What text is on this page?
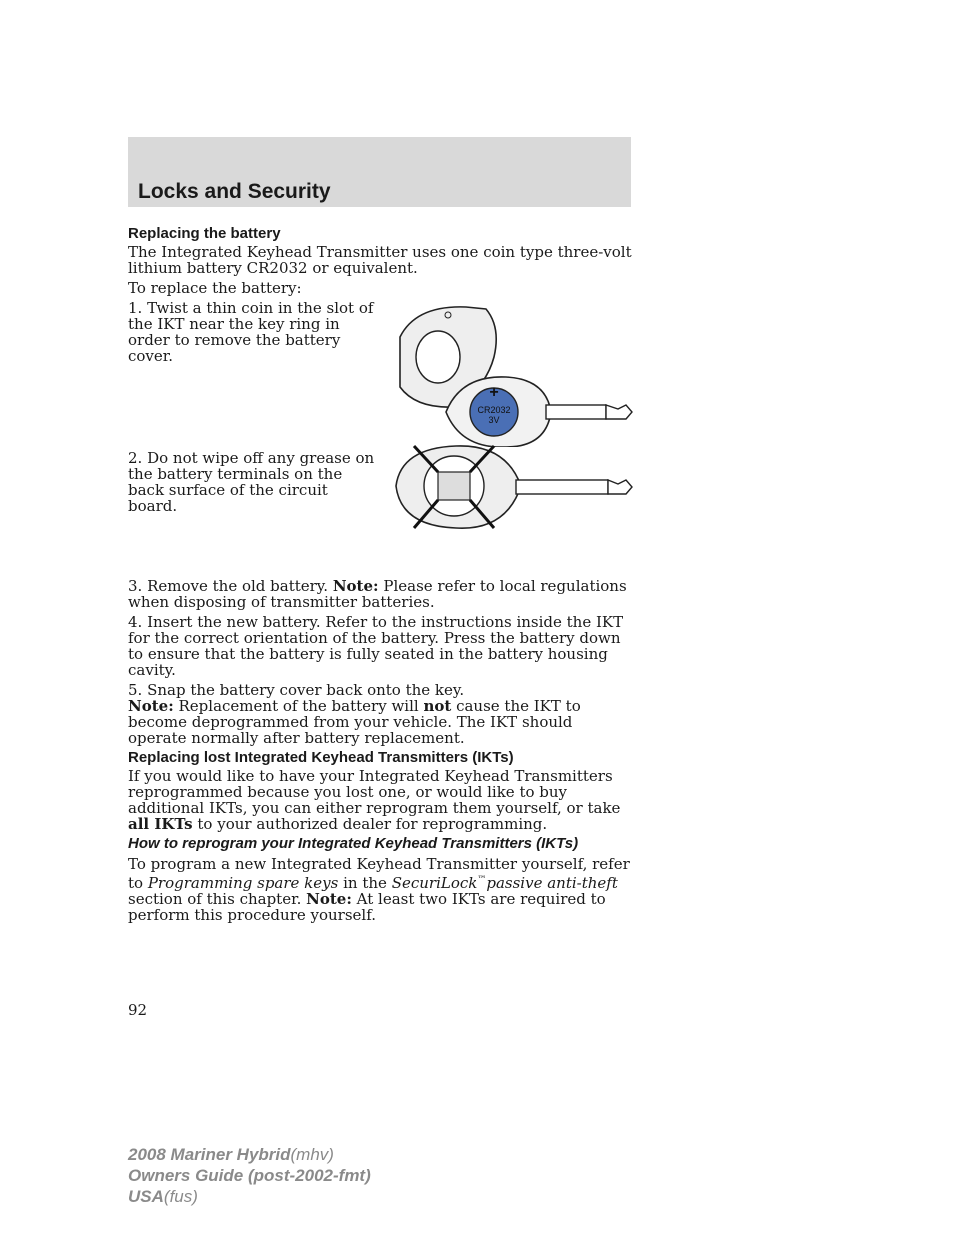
Locks and Security
Replacing the battery

The Integrated Keyhead Transmitter uses one coin type three-volt lithium battery CR2032 or equivalent.

To replace the battery:

1. Twist a thin coin in the slot of the IKT near the key ring in order to remove the battery cover.

+
CR2032
3V

2. Do not wipe off any grease on the battery terminals on the back surface of the circuit board.

3. Remove the old battery. Note: Please refer to local regulations when disposing of transmitter batteries.

4. Insert the new battery. Refer to the instructions inside the IKT for the correct orientation of the battery. Press the battery down to ensure that the battery is fully seated in the battery housing cavity.

5. Snap the battery cover back onto the key.

Note: Replacement of the battery will not cause the IKT to become deprogrammed from your vehicle. The IKT should operate normally after battery replacement.

Replacing lost Integrated Keyhead Transmitters (IKTs)

If you would like to have your Integrated Keyhead Transmitters reprogrammed because you lost one, or would like to buy additional IKTs, you can either reprogram them yourself, or take all IKTs to your authorized dealer for reprogramming.

How to reprogram your Integrated Keyhead Transmitters (IKTs)

To program a new Integrated Keyhead Transmitter yourself, refer to Programming spare keys in the SecuriLock™passive anti-theft section of this chapter. Note: At least two IKTs are required to perform this procedure yourself.

92
2008 Mariner Hybrid(mhv)
Owners Guide (post-2002-fmt)
USA(fus)
